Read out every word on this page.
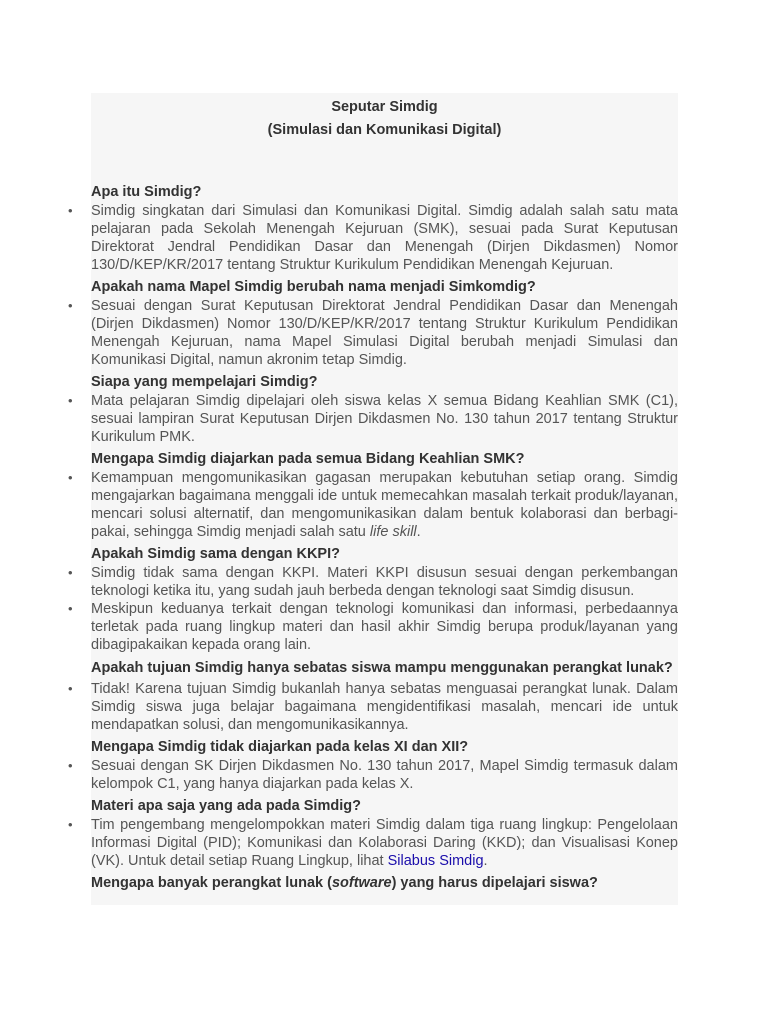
Seputar Simdig
(Simulasi dan Komunikasi Digital)
Apa itu Simdig?
• Simdig singkatan dari Simulasi dan Komunikasi Digital. Simdig adalah salah satu mata pelajaran pada Sekolah Menengah Kejuruan (SMK), sesuai pada Surat Keputusan Direktorat Jendral Pendidikan Dasar dan Menengah (Dirjen Dikdasmen) Nomor 130/D/KEP/KR/2017 tentang Struktur Kurikulum Pendidikan Menengah Kejuruan.
Apakah nama Mapel Simdig berubah nama menjadi Simkomdig?
• Sesuai dengan Surat Keputusan Direktorat Jendral Pendidikan Dasar dan Menengah (Dirjen Dikdasmen) Nomor 130/D/KEP/KR/2017 tentang Struktur Kurikulum Pendidikan Menengah Kejuruan, nama Mapel Simulasi Digital berubah menjadi Simulasi dan Komunikasi Digital, namun akronim tetap Simdig.
Siapa yang mempelajari Simdig?
• Mata pelajaran Simdig dipelajari oleh siswa kelas X semua Bidang Keahlian SMK (C1), sesuai lampiran Surat Keputusan Dirjen Dikdasmen No. 130 tahun 2017 tentang Struktur Kurikulum PMK.
Mengapa Simdig diajarkan pada semua Bidang Keahlian SMK?
• Kemampuan mengomunikasikan gagasan merupakan kebutuhan setiap orang. Simdig mengajarkan bagaimana menggali ide untuk memecahkan masalah terkait produk/layanan, mencari solusi alternatif, dan mengomunikasikan dalam bentuk kolaborasi dan berbagi-pakai, sehingga Simdig menjadi salah satu life skill.
Apakah Simdig sama dengan KKPI?
• Simdig tidak sama dengan KKPI. Materi KKPI disusun sesuai dengan perkembangan teknologi ketika itu, yang sudah jauh berbeda dengan teknologi saat Simdig disusun.
• Meskipun keduanya terkait dengan teknologi komunikasi dan informasi, perbedaannya terletak pada ruang lingkup materi dan hasil akhir Simdig berupa produk/layanan yang dibagipakaikan kepada orang lain.
Apakah tujuan Simdig hanya sebatas siswa mampu menggunakan perangkat lunak?
• Tidak! Karena tujuan Simdig bukanlah hanya sebatas menguasai perangkat lunak. Dalam Simdig siswa juga belajar bagaimana mengidentifikasi masalah, mencari ide untuk mendapatkan solusi, dan mengomunikasikannya.
Mengapa Simdig tidak diajarkan pada kelas XI dan XII?
• Sesuai dengan SK Dirjen Dikdasmen No. 130 tahun 2017, Mapel Simdig termasuk dalam kelompok C1, yang hanya diajarkan pada kelas X.
Materi apa saja yang ada pada Simdig?
• Tim pengembang mengelompokkan materi Simdig dalam tiga ruang lingkup: Pengelolaan Informasi Digital (PID); Komunikasi dan Kolaborasi Daring (KKD); dan Visualisasi Konep (VK). Untuk detail setiap Ruang Lingkup, lihat Silabus Simdig.
Mengapa banyak perangkat lunak (software) yang harus dipelajari siswa?
